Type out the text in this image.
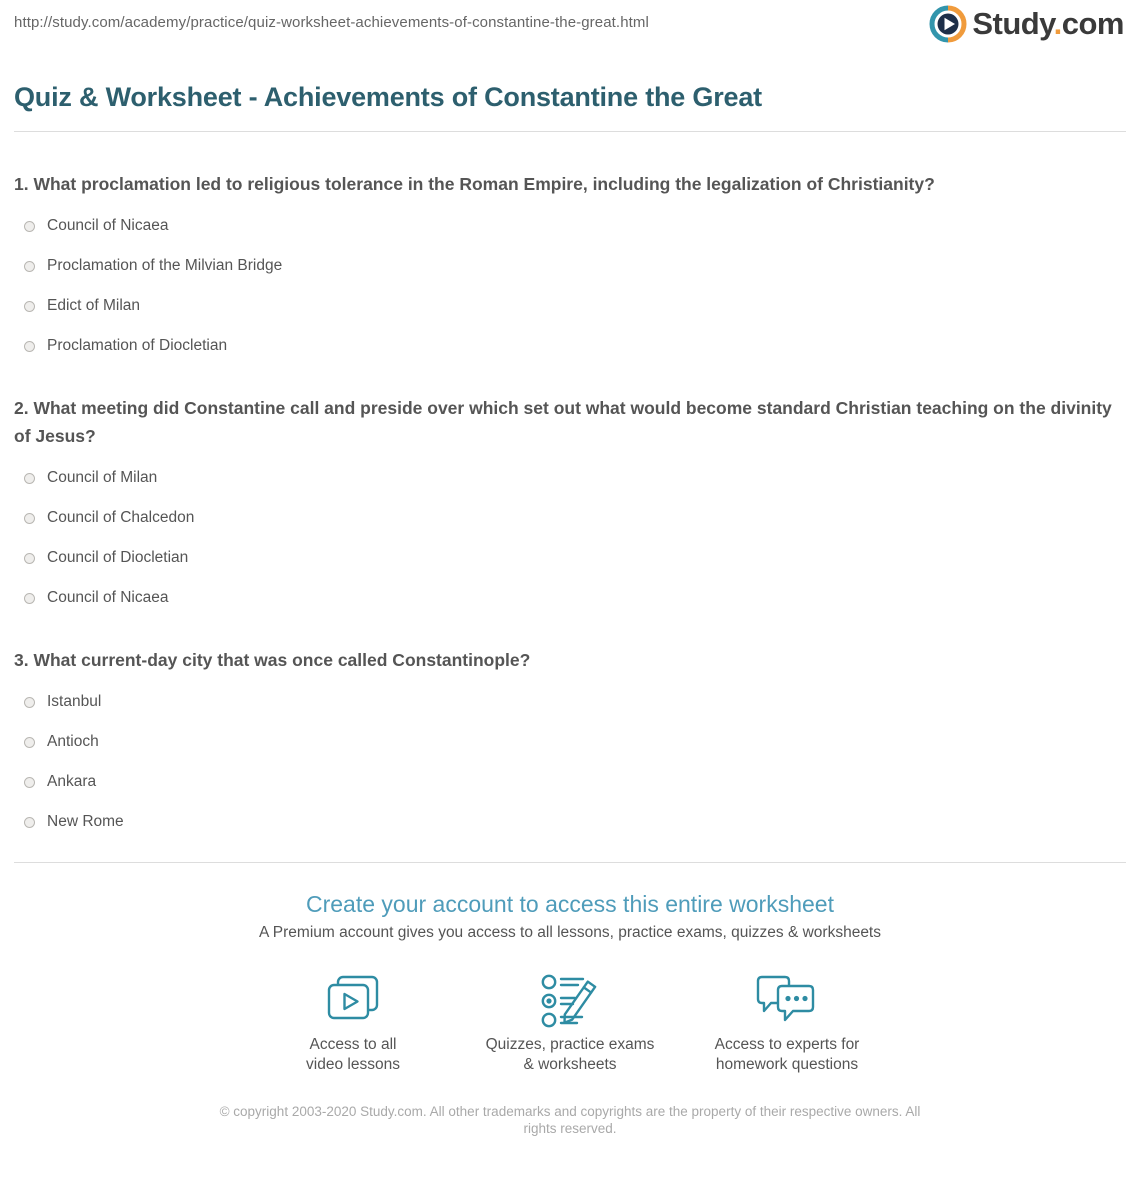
http://study.com/academy/practice/quiz-worksheet-achievements-of-constantine-the-great.html	Study.com
Quiz & Worksheet - Achievements of Constantine the Great
1. What proclamation led to religious tolerance in the Roman Empire, including the legalization of Christianity?
Council of Nicaea
Proclamation of the Milvian Bridge
Edict of Milan
Proclamation of Diocletian
2. What meeting did Constantine call and preside over which set out what would become standard Christian teaching on the divinity of Jesus?
Council of Milan
Council of Chalcedon
Council of Diocletian
Council of Nicaea
3. What current-day city that was once called Constantinople?
Istanbul
Antioch
Ankara
New Rome
Create your account to access this entire worksheet
A Premium account gives you access to all lessons, practice exams, quizzes & worksheets
Access to all
video lessons
Quizzes, practice exams
& worksheets
Access to experts for
homework questions
© copyright 2003-2020 Study.com. All other trademarks and copyrights are the property of their respective owners. All rights reserved.
